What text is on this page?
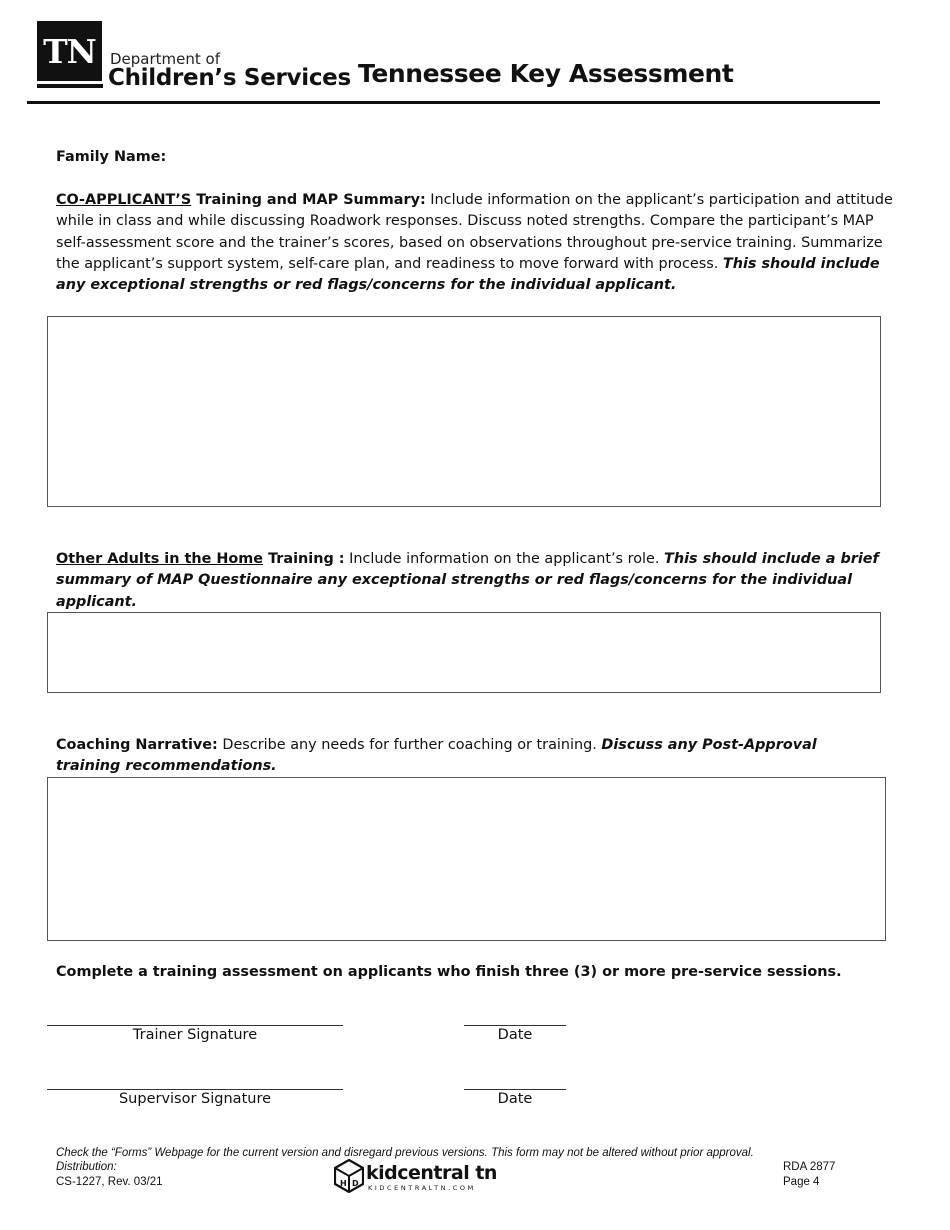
TN Department of
Children’s Services Tennessee Key Assessment
Family Name:
CO-APPLICANT’S Training and MAP Summary: Include information on the applicant’s participation and attitude while in class and while discussing Roadwork responses. Discuss noted strengths. Compare the participant’s MAP self-assessment score and the trainer’s scores, based on observations throughout pre-service training. Summarize the applicant’s support system, self-care plan, and readiness to move forward with process. This should include any exceptional strengths or red flags/concerns for the individual applicant.
Other Adults in the Home Training : Include information on the applicant’s role. This should include a brief summary of MAP Questionnaire any exceptional strengths or red flags/concerns for the individual applicant.
Coaching Narrative: Describe any needs for further coaching or training. Discuss any Post-Approval training recommendations.
Complete a training assessment on applicants who finish three (3) or more pre-service sessions.
Trainer Signature	Date
Supervisor Signature	Date
Check the “Forms” Webpage for the current version and disregard previous versions. This form may not be altered without prior approval.
Distribution:
CS-1227, Rev. 03/21
RDA 2877
Page 4
H D kidcentral tn
KIDCENTRALTN.COM
